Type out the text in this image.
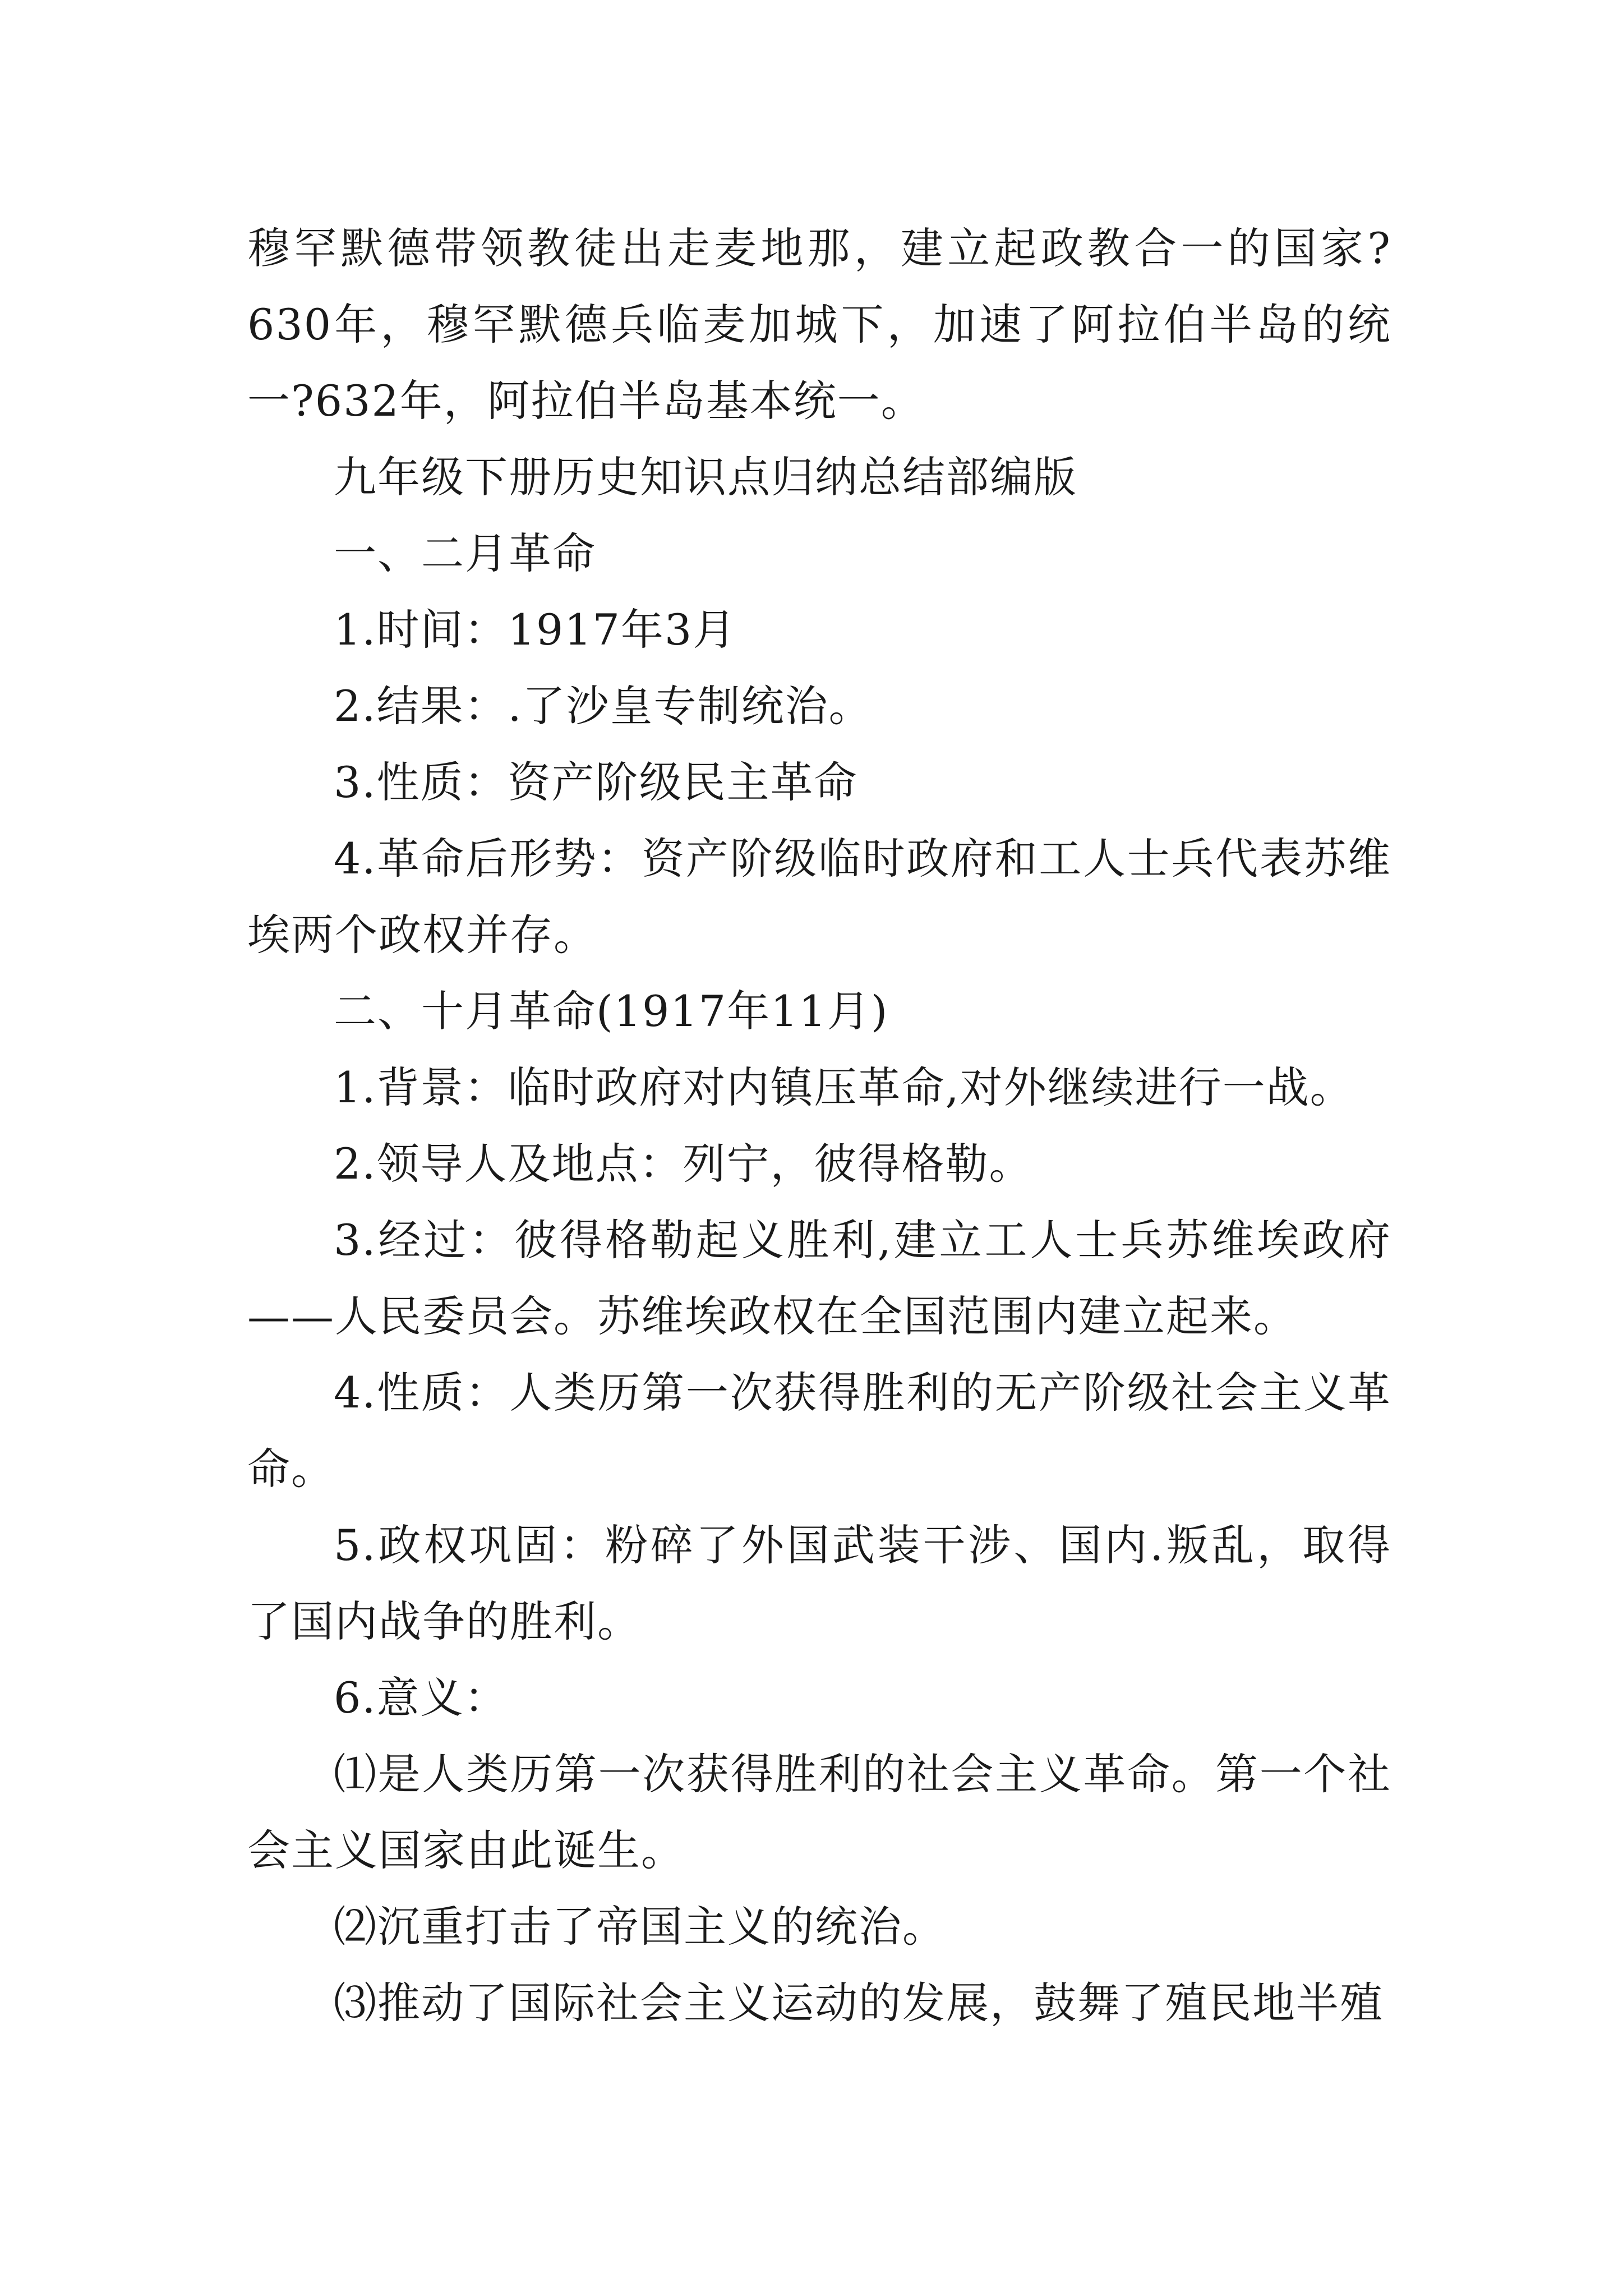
穆罕默德带领教徒出走麦地那，建立起政教合一的国家?630年，穆罕默德兵临麦加城下，加速了阿拉伯半岛的统一?632年，阿拉伯半岛基本统一。

九年级下册历史知识点归纳总结部编版

一、二月革命

1.时间：1917年3月

2.结果：.了沙皇专制统治。

3.性质：资产阶级民主革命

4.革命后形势：资产阶级临时政府和工人士兵代表苏维埃两个政权并存。

二、十月革命(1917年11月)

1.背景：临时政府对内镇压革命,对外继续进行一战。

2.领导人及地点：列宁，彼得格勒。

3.经过：彼得格勒起义胜利,建立工人士兵苏维埃政府——人民委员会。苏维埃政权在全国范围内建立起来。

4.性质：人类历第一次获得胜利的无产阶级社会主义革命。

5.政权巩固：粉碎了外国武装干涉、国内.叛乱，取得了国内战争的胜利。

6.意义：

⑴是人类历第一次获得胜利的社会主义革命。第一个社会主义国家由此诞生。

⑵沉重打击了帝国主义的统治。

⑶推动了国际社会主义运动的发展，鼓舞了殖民地半殖
